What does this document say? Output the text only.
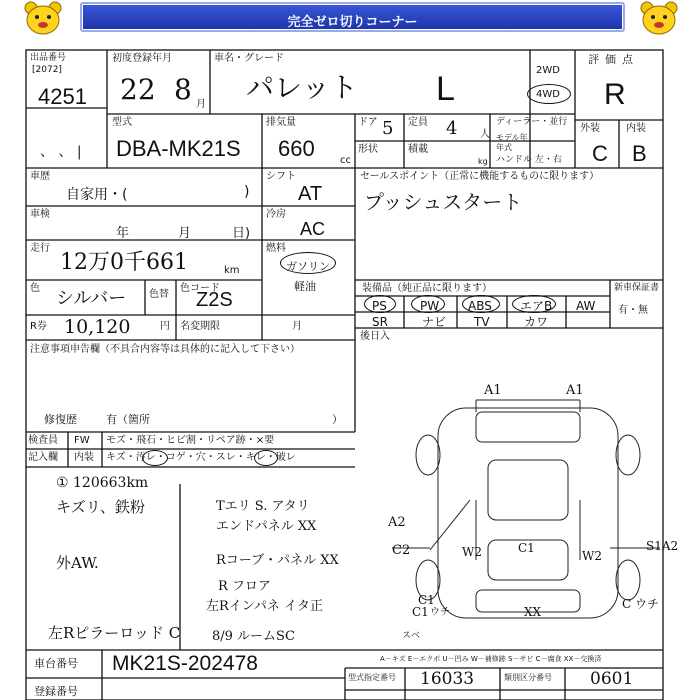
完全ゼロ切りコーナー
出品番号
[2072]
4251
、 、 |
初度登録年月
22 8 月
車名・グレード
パレット L	2WD
4WD
評価点
R
型式
DBA-MK21S
排気量
660	cc
ドア 5 定員 4 人
形状	積載
kg
ディーラー・並行
モデル年
年式
ハンドル 左・右
外装	内装
C B
車歴
自家用・(	)
車検
年	月	日)
走行
12万0千661	km
色 シルバー 色替
色コード
Z2S
R券 10,120	円 名変期限	月
シフト
AT
冷房
AC
燃料
ガソリン
軽油
セールスポイント（正常に機能するものに限ります）
プッシュスタート
装備品（純正品に限ります）	新車保証書
有・無
PS	PW ABS エアB AW
SR	ナビ TV	カワ
後日入
注意事項申告欄（不具合内容等は具体的に記入して下さい）
修復歴	有（箇所	）
検査員
記入欄
FW モズ・飛石・ヒビ割・リペア跡・×要
内装 キズ・汚レ・コゲ・穴・スレ・キレ・破レ
① 120663km
キズリ、鉄粉
外AW.
左Rピラーロッド C
Tエリ S. アタリ
エンドパネル XX
Rコーブ・パネル XX
R フロア
左Rインパネ イタ正
8/9 ルームSC
A1	A1
A2
C2	C1
W2	W2
S1A2
C1
C1 ウチ	XX
C ウチ
スベ
車台番号 MK21S-202478
登録番号
A－キズ E－エクボ U－凹み W－補修跡 S－サビ C－腐食 XX－交換済
型式指定番号 16033	類別区分番号 0601
